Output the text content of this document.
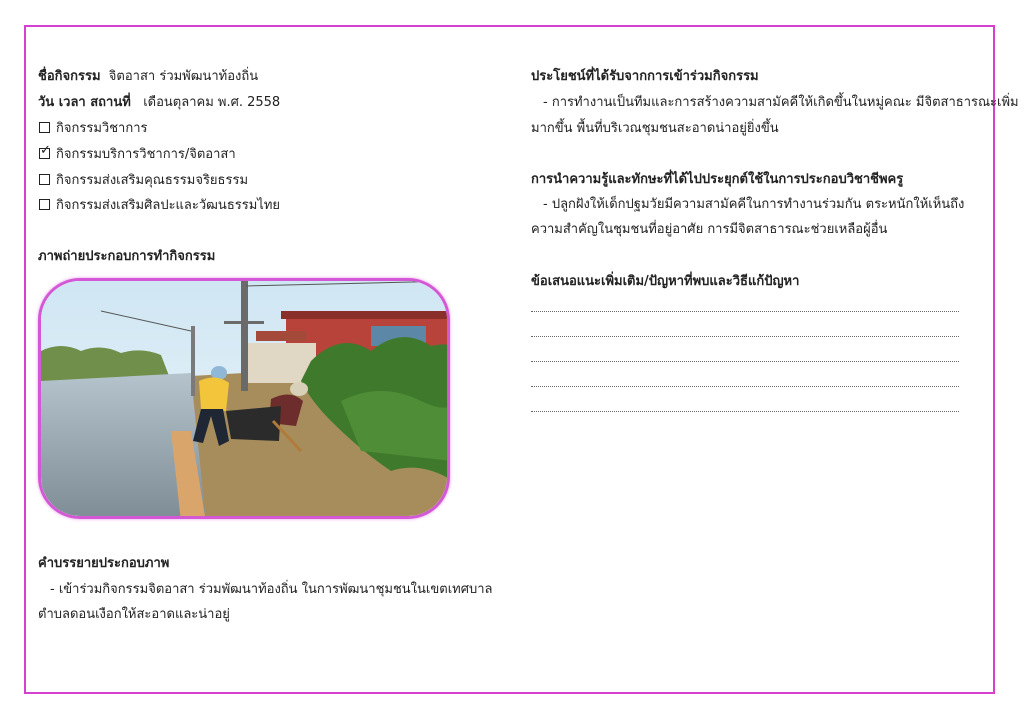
ชื่อกิจกรรม จิตอาสา ร่วมพัฒนาท้องถิ่น
วัน เวลา สถานที่ เดือนตุลาคม พ.ศ. 2558
กิจกรรมวิชาการ
✓ กิจกรรมบริการวิชาการ/จิตอาสา
กิจกรรมส่งเสริมคุณธรรมจริยธรรม
กิจกรรมส่งเสริมศิลปะและวัฒนธรรมไทย
ภาพถ่ายประกอบการทำกิจกรรม
คำบรรยายประกอบภาพ
- เข้าร่วมกิจกรรมจิตอาสา ร่วมพัฒนาท้องถิ่น ในการพัฒนาชุมชนในเขตเทศบาล
ตำบลดอนเงือกให้สะอาดและน่าอยู่
ประโยชน์ที่ได้รับจากการเข้าร่วมกิจกรรม
- การทำงานเป็นทีมและการสร้างความสามัคคีให้เกิดขึ้นในหมู่คณะ มีจิตสาธารณะเพิ่ม
มากขึ้น พื้นที่บริเวณชุมชนสะอาดน่าอยู่ยิ่งขึ้น
การนำความรู้และทักษะที่ได้ไปประยุกต์ใช้ในการประกอบวิชาชีพครู
- ปลูกฝังให้เด็กปฐมวัยมีความสามัคคีในการทำงานร่วมกัน ตระหนักให้เห็นถึง
ความสำคัญในชุมชนที่อยู่อาศัย การมีจิตสาธารณะช่วยเหลือผู้อื่น
ข้อเสนอแนะเพิ่มเติม/ปัญหาที่พบและวิธีแก้ปัญหา
